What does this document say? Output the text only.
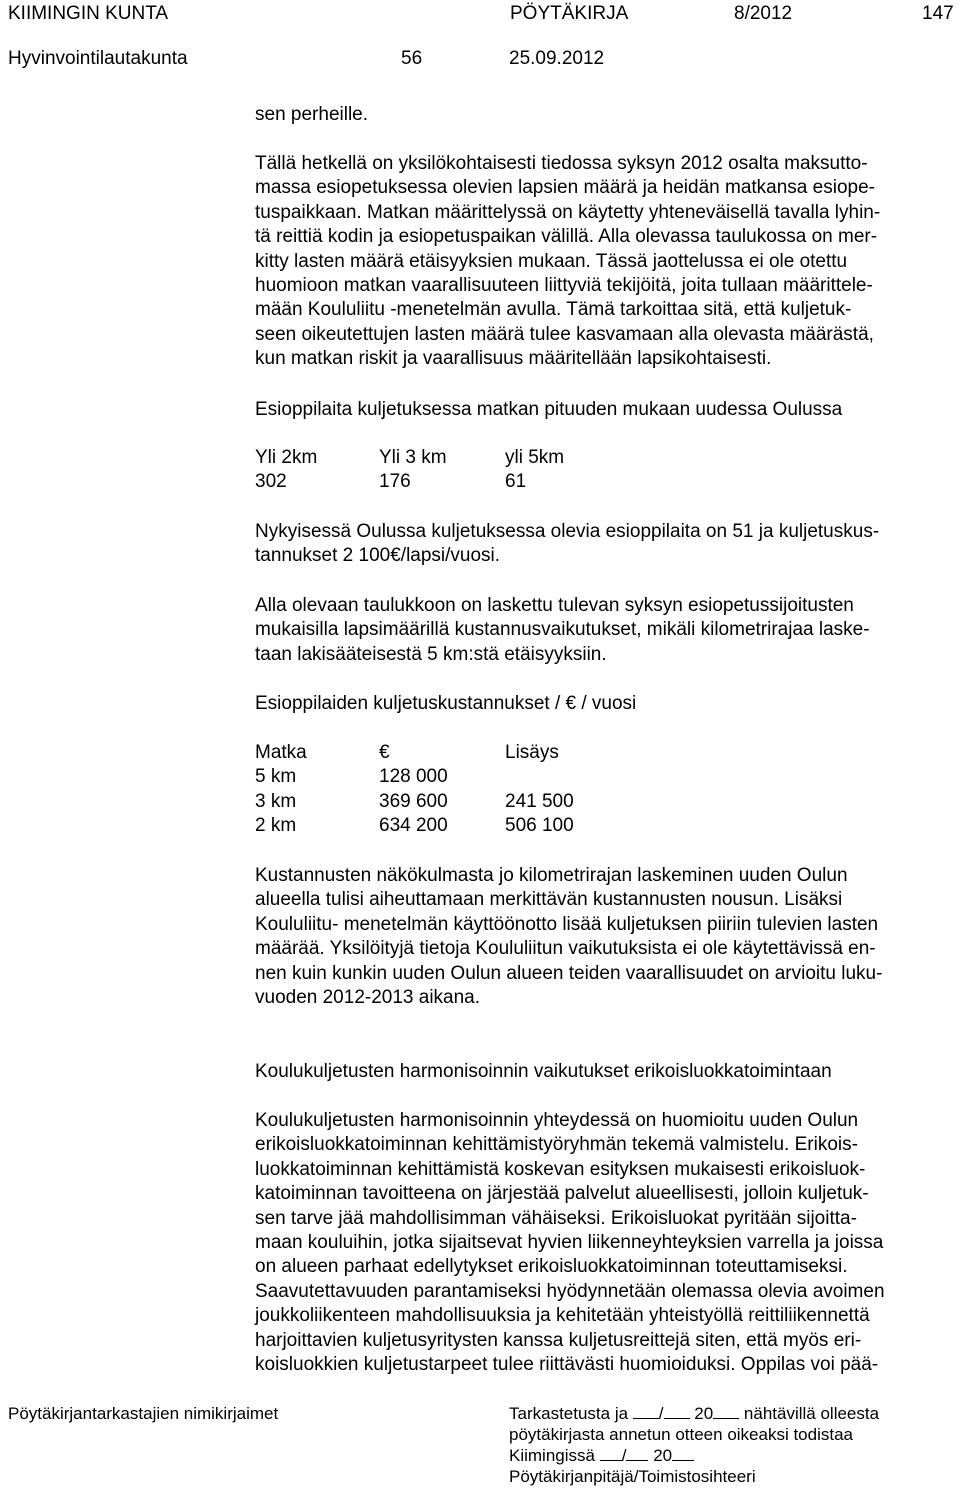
KIIMINGIN KUNTA	PÖYTÄKIRJA	8/2012	147
Hyvinvointilautakunta	56	25.09.2012

sen perheille.

Tällä hetkellä on yksilökohtaisesti tiedossa syksyn 2012 osalta maksutto-

massa esiopetuksessa olevien lapsien määrä ja heidän matkansa esiope-

tuspaikkaan. Matkan määrittelyssä on käytetty yhteneväisellä tavalla lyhin-

tä reittiä kodin ja esiopetuspaikan välillä. Alla olevassa taulukossa on mer-

kitty lasten määrä etäisyyksien mukaan. Tässä jaottelussa ei ole otettu

huomioon matkan vaarallisuuteen liittyviä tekijöitä, joita tullaan määrittele-

mään Koululiitu -menetelmän avulla. Tämä tarkoittaa sitä, että kuljetuk-

seen oikeutettujen lasten määrä tulee kasvamaan alla olevasta määrästä,

kun matkan riskit ja vaarallisuus määritellään lapsikohtaisesti.

Esioppilaita kuljetuksessa matkan pituuden mukaan uudessa Oulussa

Yli 2km	Yli 3 km	yli 5km
302	176	61

Nykyisessä Oulussa kuljetuksessa olevia esioppilaita on 51 ja kuljetuskus-

tannukset 2 100€/lapsi/vuosi.

Alla olevaan taulukkoon on laskettu tulevan syksyn esiopetussijoitusten

mukaisilla lapsimäärillä kustannusvaikutukset, mikäli kilometrirajaa laske-

taan lakisääteisestä 5 km:stä etäisyyksiin.

Esioppilaiden kuljetuskustannukset / € / vuosi

Matka	€	Lisäys
5 km	128 000
3 km	369 600	241 500
2 km	634 200	506 100

Kustannusten näkökulmasta jo kilometrirajan laskeminen uuden Oulun

alueella tulisi aiheuttamaan merkittävän kustannusten nousun. Lisäksi

Koululiitu- menetelmän käyttöönotto lisää kuljetuksen piiriin tulevien lasten

määrää. Yksilöityjä tietoja Koululiitun vaikutuksista ei ole käytettävissä en-

nen kuin kunkin uuden Oulun alueen teiden vaarallisuudet on arvioitu luku-

vuoden 2012-2013 aikana.

Koulukuljetusten harmonisoinnin vaikutukset erikoisluokkatoimintaan

Koulukuljetusten harmonisoinnin yhteydessä on huomioitu uuden Oulun

erikoisluokkatoiminnan kehittämistyöryhmän tekemä valmistelu. Erikois-

luokkatoiminnan kehittämistä koskevan esityksen mukaisesti erikoisluok-

katoiminnan tavoitteena on järjestää palvelut alueellisesti, jolloin kuljetuk-

sen tarve jää mahdollisimman vähäiseksi. Erikoisluokat pyritään sijoitta-

maan kouluihin, jotka sijaitsevat hyvien liikenneyhteyksien varrella ja joissa

on alueen parhaat edellytykset erikoisluokkatoiminnan toteuttamiseksi.

Saavutettavuuden parantamiseksi hyödynnetään olemassa olevia avoimen

joukkoliikenteen mahdollisuuksia ja kehitetään yhteistyöllä reittiliikennettä

harjoittavien kuljetusyritysten kanssa kuljetusreittejä siten, että myös eri-

koisluokkien kuljetustarpeet tulee riittävästi huomioiduksi. Oppilas voi pää-

Pöytäkirjantarkastajien nimikirjaimet	Tarkastetusta ja / 20 nähtävillä olleesta
pöytäkirjasta annetun otteen oikeaksi todistaa
Kiimingissä / 20
Pöytäkirjanpitäjä/Toimistosihteeri
